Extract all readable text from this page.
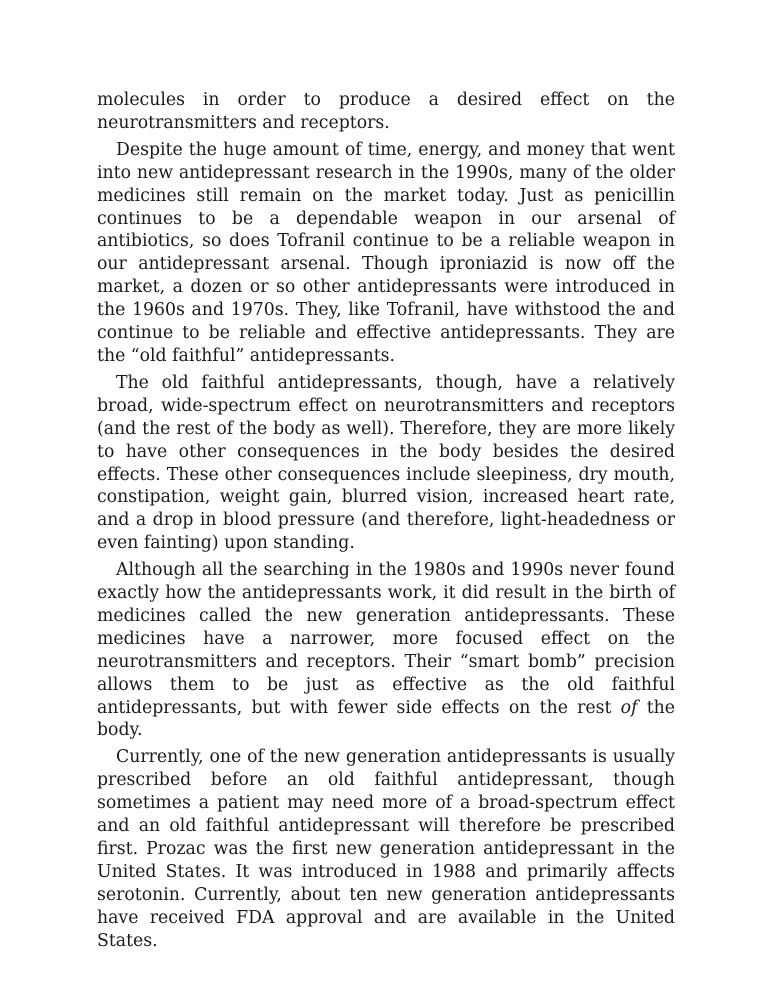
molecules in order to produce a desired effect on the neurotransmitters and receptors.

Despite the huge amount of time, energy, and money that went into new antidepressant research in the 1990s, many of the older medicines still remain on the market today. Just as penicillin continues to be a dependable weapon in our arsenal of antibiotics, so does Tofranil continue to be a reliable weapon in our antidepressant arsenal. Though iproniazid is now off the market, a dozen or so other antidepressants were introduced in the 1960s and 1970s. They, like Tofranil, have withstood the and continue to be reliable and effective antidepressants. They are the “old faithful” antidepressants.

The old faithful antidepressants, though, have a relatively broad, wide-spectrum effect on neurotransmitters and receptors (and the rest of the body as well). Therefore, they are more likely to have other consequences in the body besides the desired effects. These other consequences include sleepiness, dry mouth, constipation, weight gain, blurred vision, increased heart rate, and a drop in blood pressure (and therefore, light-headedness or even fainting) upon standing.

Although all the searching in the 1980s and 1990s never found exactly how the antidepressants work, it did result in the birth of medicines called the new generation antidepressants. These medicines have a narrower, more focused effect on the neurotransmitters and receptors. Their “smart bomb” precision allows them to be just as effective as the old faithful antidepressants, but with fewer side effects on the rest of the body.

Currently, one of the new generation antidepressants is usually prescribed before an old faithful antidepressant, though sometimes a patient may need more of a broad-spectrum effect and an old faithful antidepressant will therefore be prescribed first. Prozac was the first new generation antidepressant in the United States. It was introduced in 1988 and primarily affects serotonin. Currently, about ten new generation antidepressants have received FDA approval and are available in the United States.
